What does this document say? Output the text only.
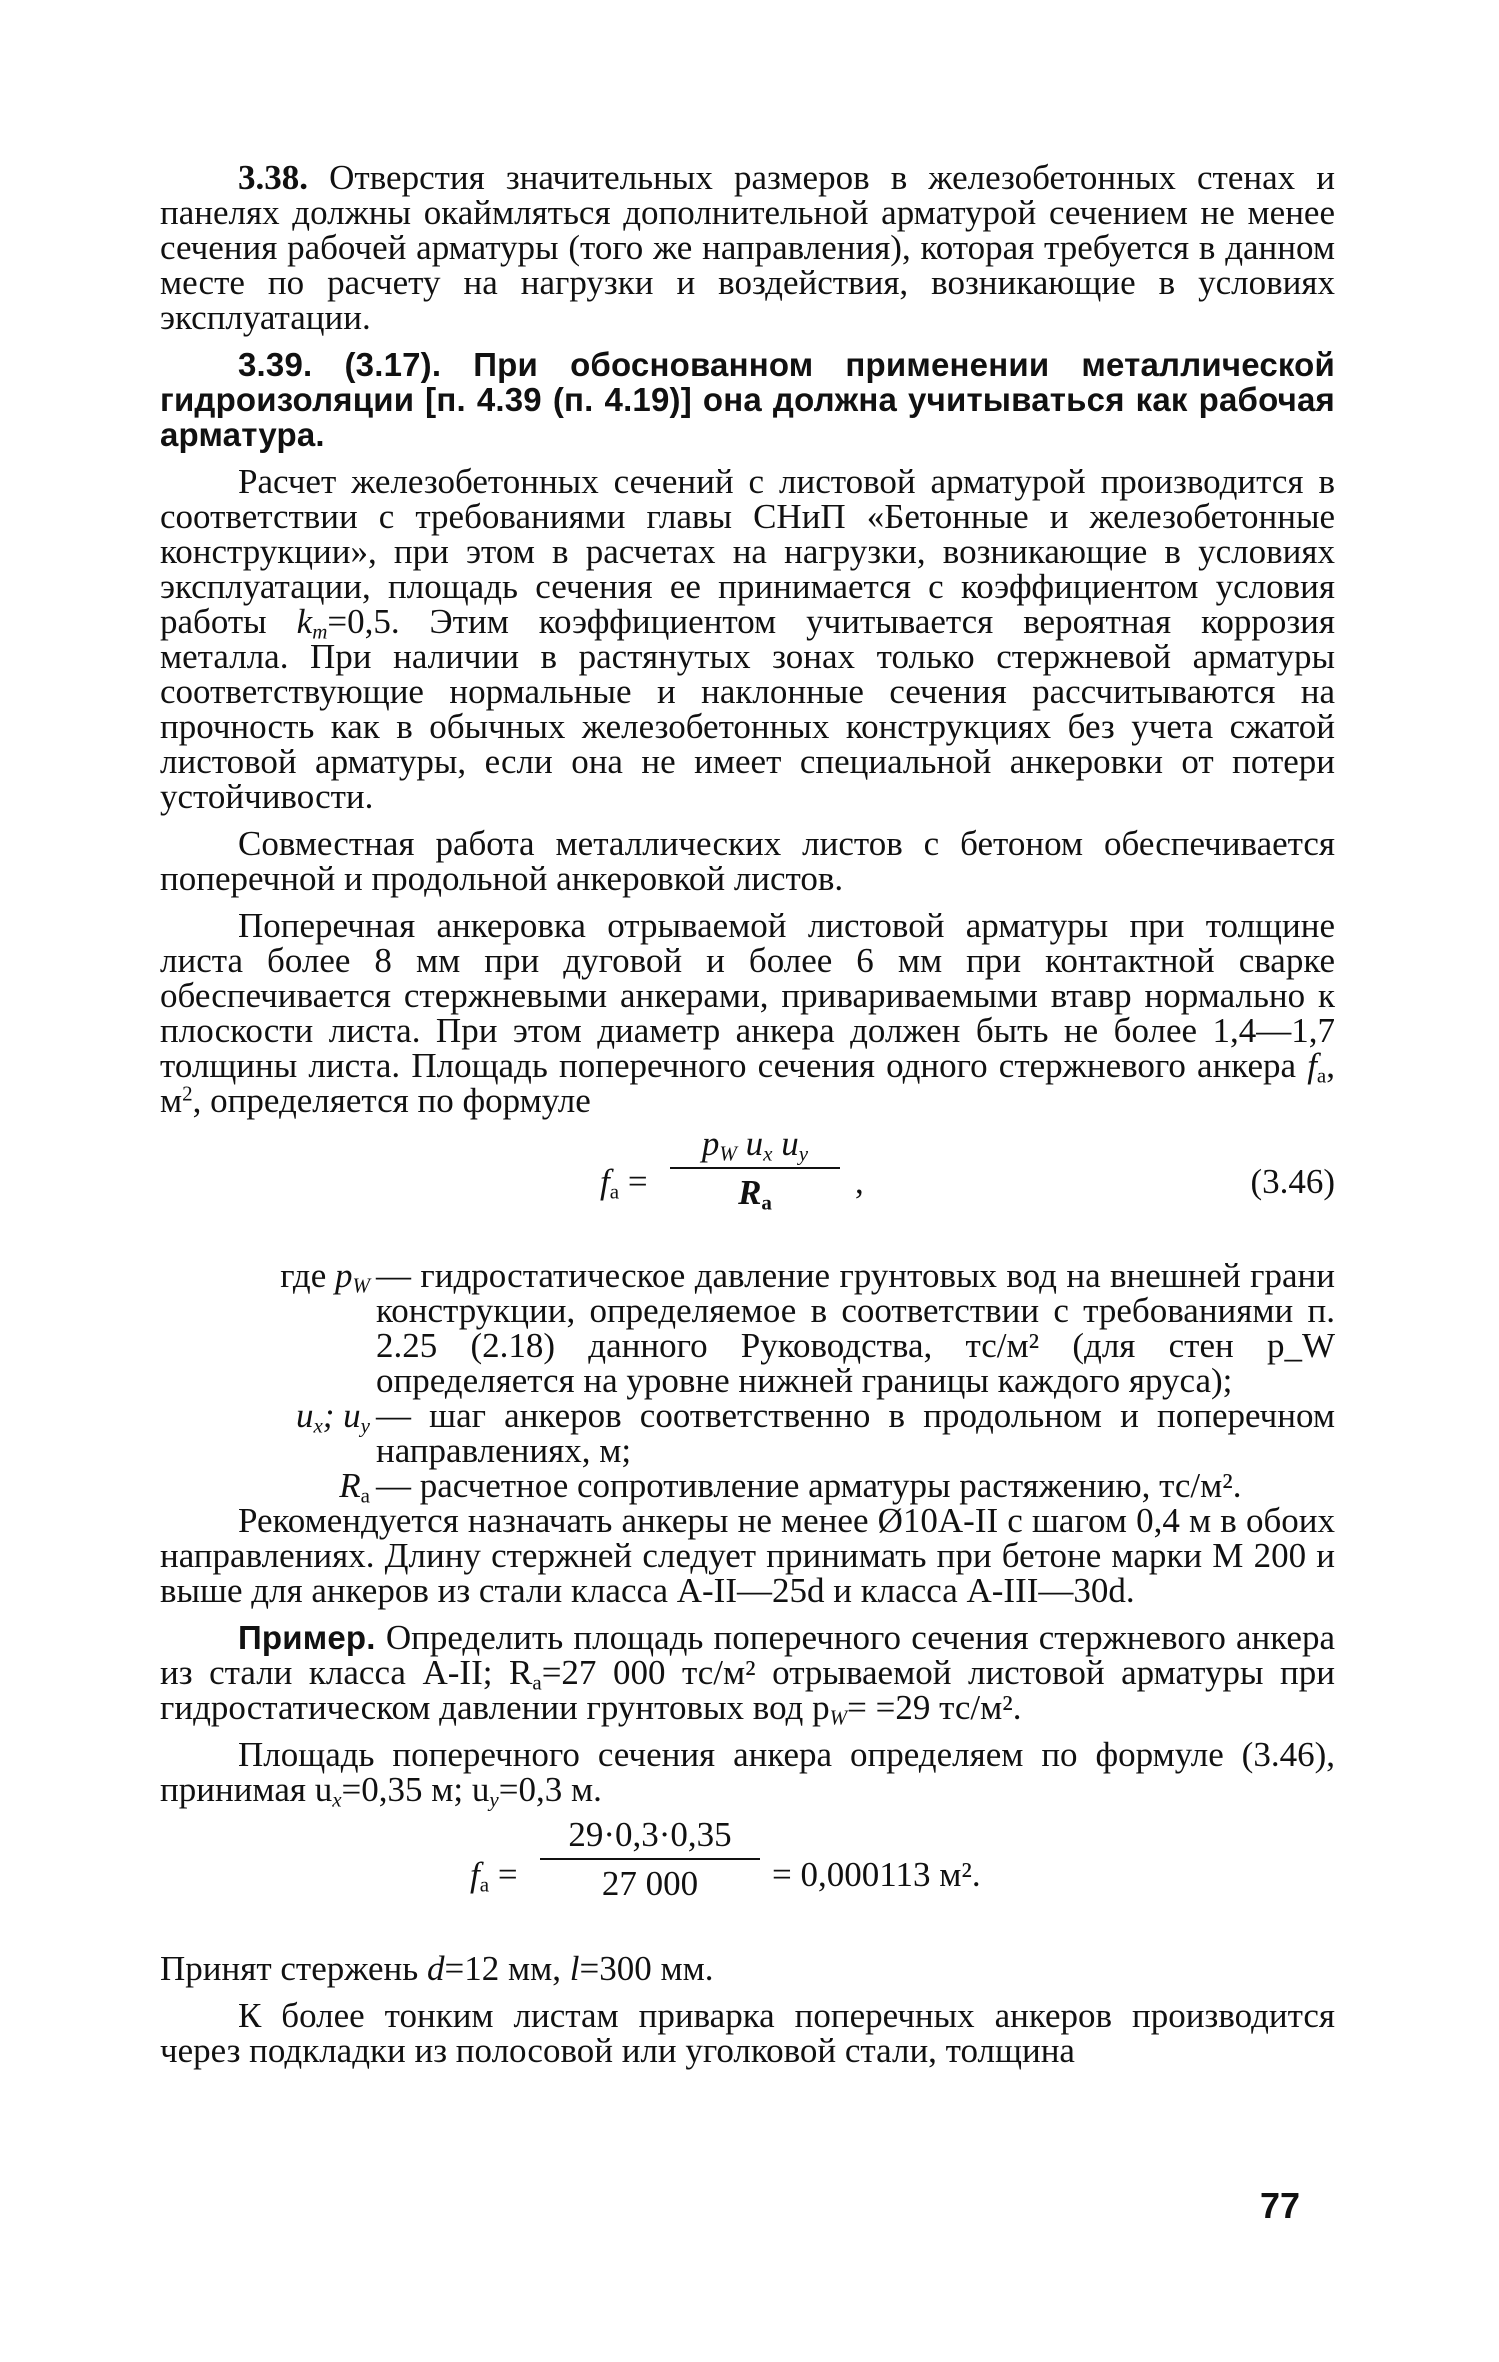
3.38. Отверстия значительных размеров в железобетонных стенах и панелях должны окаймляться дополнительной арматурой сечением не менее сечения рабочей арматуры (того же направления), которая требуется в данном месте по расчету на нагрузки и воздействия, возникающие в условиях эксплуатации.

3.39. (3.17). При обоснованном применении металлической гидроизоляции [п. 4.39 (п. 4.19)] она должна учитываться как рабочая арматура.

Расчет железобетонных сечений с листовой арматурой производится в соответствии с требованиями главы СНиП «Бетонные и железобетонные конструкции», при этом в расчетах на нагрузки, возникающие в условиях эксплуатации, площадь сечения ее принимается с коэффициентом условия работы $k_m=0,5$. Этим коэффициентом учитывается вероятная коррозия металла. При наличии в растянутых зонах только стержневой арматуры соответствующие нормальные и наклонные сечения рассчитываются на прочность как в обычных железобетонных конструкциях без учета сжатой листовой арматуры, если она не имеет специальной анкеровки от потери устойчивости.

Совместная работа металлических листов с бетоном обеспечивается поперечной и продольной анкеровкой листов.

Поперечная анкеровка отрываемой листовой арматуры при толщине листа более 8 мм при дуговой и более 6 мм при контактной сварке обеспечивается стержневыми анкерами, привариваемыми втавр нормально к плоскости листа. При этом диаметр анкера должен быть не более 1,4—1,7 толщины листа. Площадь поперечного сечения одного стержневого анкера $f_а$, $м^2$, определяется по формуле

$f_а$ =
$p_W$ $u_x$ $u_y$
$R_а$
,	(3.46)
где $p_W$ — гидростатическое давление грунтовых вод на внешней грани конструкции, определяемое в соответствии с требованиями п. 2.25 (2.18) данного Руководства, тс/м² (для стен p_W определяется на уровне нижней границы каждого яруса);
$u_x$; $u_y$ — шаг анкеров соответственно в продольном и поперечном направлениях, м;
$R_а$ — расчетное сопротивление арматуры растяжению, тс/м².

Рекомендуется назначать анкеры не менее Ø10А-II с шагом 0,4 м в обоих направлениях. Длину стержней следует принимать при бетоне марки М 200 и выше для анкеров из стали класса А-II—25d и класса А-III—30d.

Пример. Определить площадь поперечного сечения стержневого анкера из стали класса А-II; $R_а=27$ 000 тс/м² отрываемой листовой арматуры при гидростатическом давлении грунтовых вод $p_W= =29$ тс/м².

Площадь поперечного сечения анкера определяем по формуле (3.46), принимая $u_x=0,35$ м; $u_y=0,3$ м.

$f_а$ =
29·0,3·0,35
27 000	= 0,000113 м².

Принят стержень d=12 мм, l=300 мм.

К более тонким листам приварка поперечных анкеров производится через подкладки из полосовой или уголковой стали, толщина

77
